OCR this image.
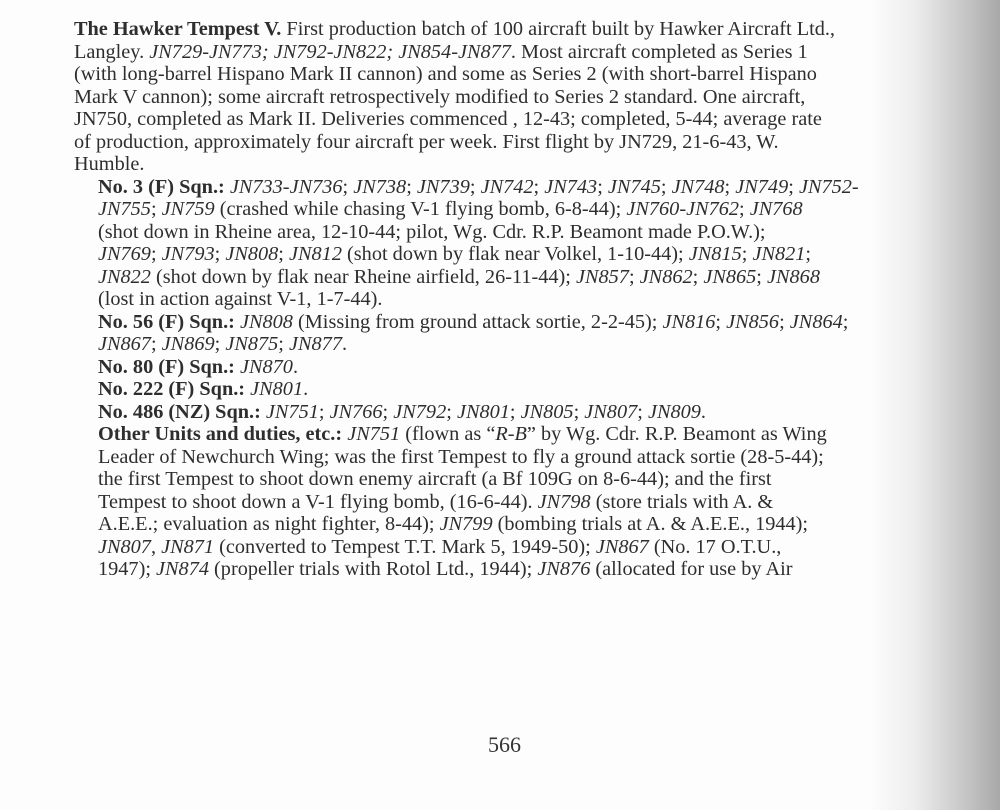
The Hawker Tempest V. First production batch of 100 aircraft built by Hawker Aircraft Ltd.,
Langley. JN729-JN773; JN792-JN822; JN854-JN877. Most aircraft completed as Series 1
(with long-barrel Hispano Mark II cannon) and some as Series 2 (with short-barrel Hispano
Mark V cannon); some aircraft retrospectively modified to Series 2 standard. One aircraft,
JN750, completed as Mark II. Deliveries commenced , 12-43; completed, 5-44; average rate
of production, approximately four aircraft per week. First flight by JN729, 21-6-43, W.
Humble.

No. 3 (F) Sqn.: JN733-JN736; JN738; JN739; JN742; JN743; JN745; JN748; JN749; JN752-
JN755; JN759 (crashed while chasing V-1 flying bomb, 6-8-44); JN760-JN762; JN768
(shot down in Rheine area, 12-10-44; pilot, Wg. Cdr. R.P. Beamont made P.O.W.);
JN769; JN793; JN808; JN812 (shot down by flak near Volkel, 1-10-44); JN815; JN821;
JN822 (shot down by flak near Rheine airfield, 26-11-44); JN857; JN862; JN865; JN868
(lost in action against V-1, 1-7-44).

No. 56 (F) Sqn.: JN808 (Missing from ground attack sortie, 2-2-45); JN816; JN856; JN864;
JN867; JN869; JN875; JN877.

No. 80 (F) Sqn.: JN870.

No. 222 (F) Sqn.: JN801.

No. 486 (NZ) Sqn.: JN751; JN766; JN792; JN801; JN805; JN807; JN809.

Other Units and duties, etc.: JN751 (flown as “R-B” by Wg. Cdr. R.P. Beamont as Wing
Leader of Newchurch Wing; was the first Tempest to fly a ground attack sortie (28-5-44);
the first Tempest to shoot down enemy aircraft (a Bf 109G on 8-6-44); and the first
Tempest to shoot down a V-1 flying bomb, (16-6-44). JN798 (store trials with A. &
A.E.E.; evaluation as night fighter, 8-44); JN799 (bombing trials at A. & A.E.E., 1944);
JN807, JN871 (converted to Tempest T.T. Mark 5, 1949-50); JN867 (No. 17 O.T.U.,
1947); JN874 (propeller trials with Rotol Ltd., 1944); JN876 (allocated for use by Air

566
